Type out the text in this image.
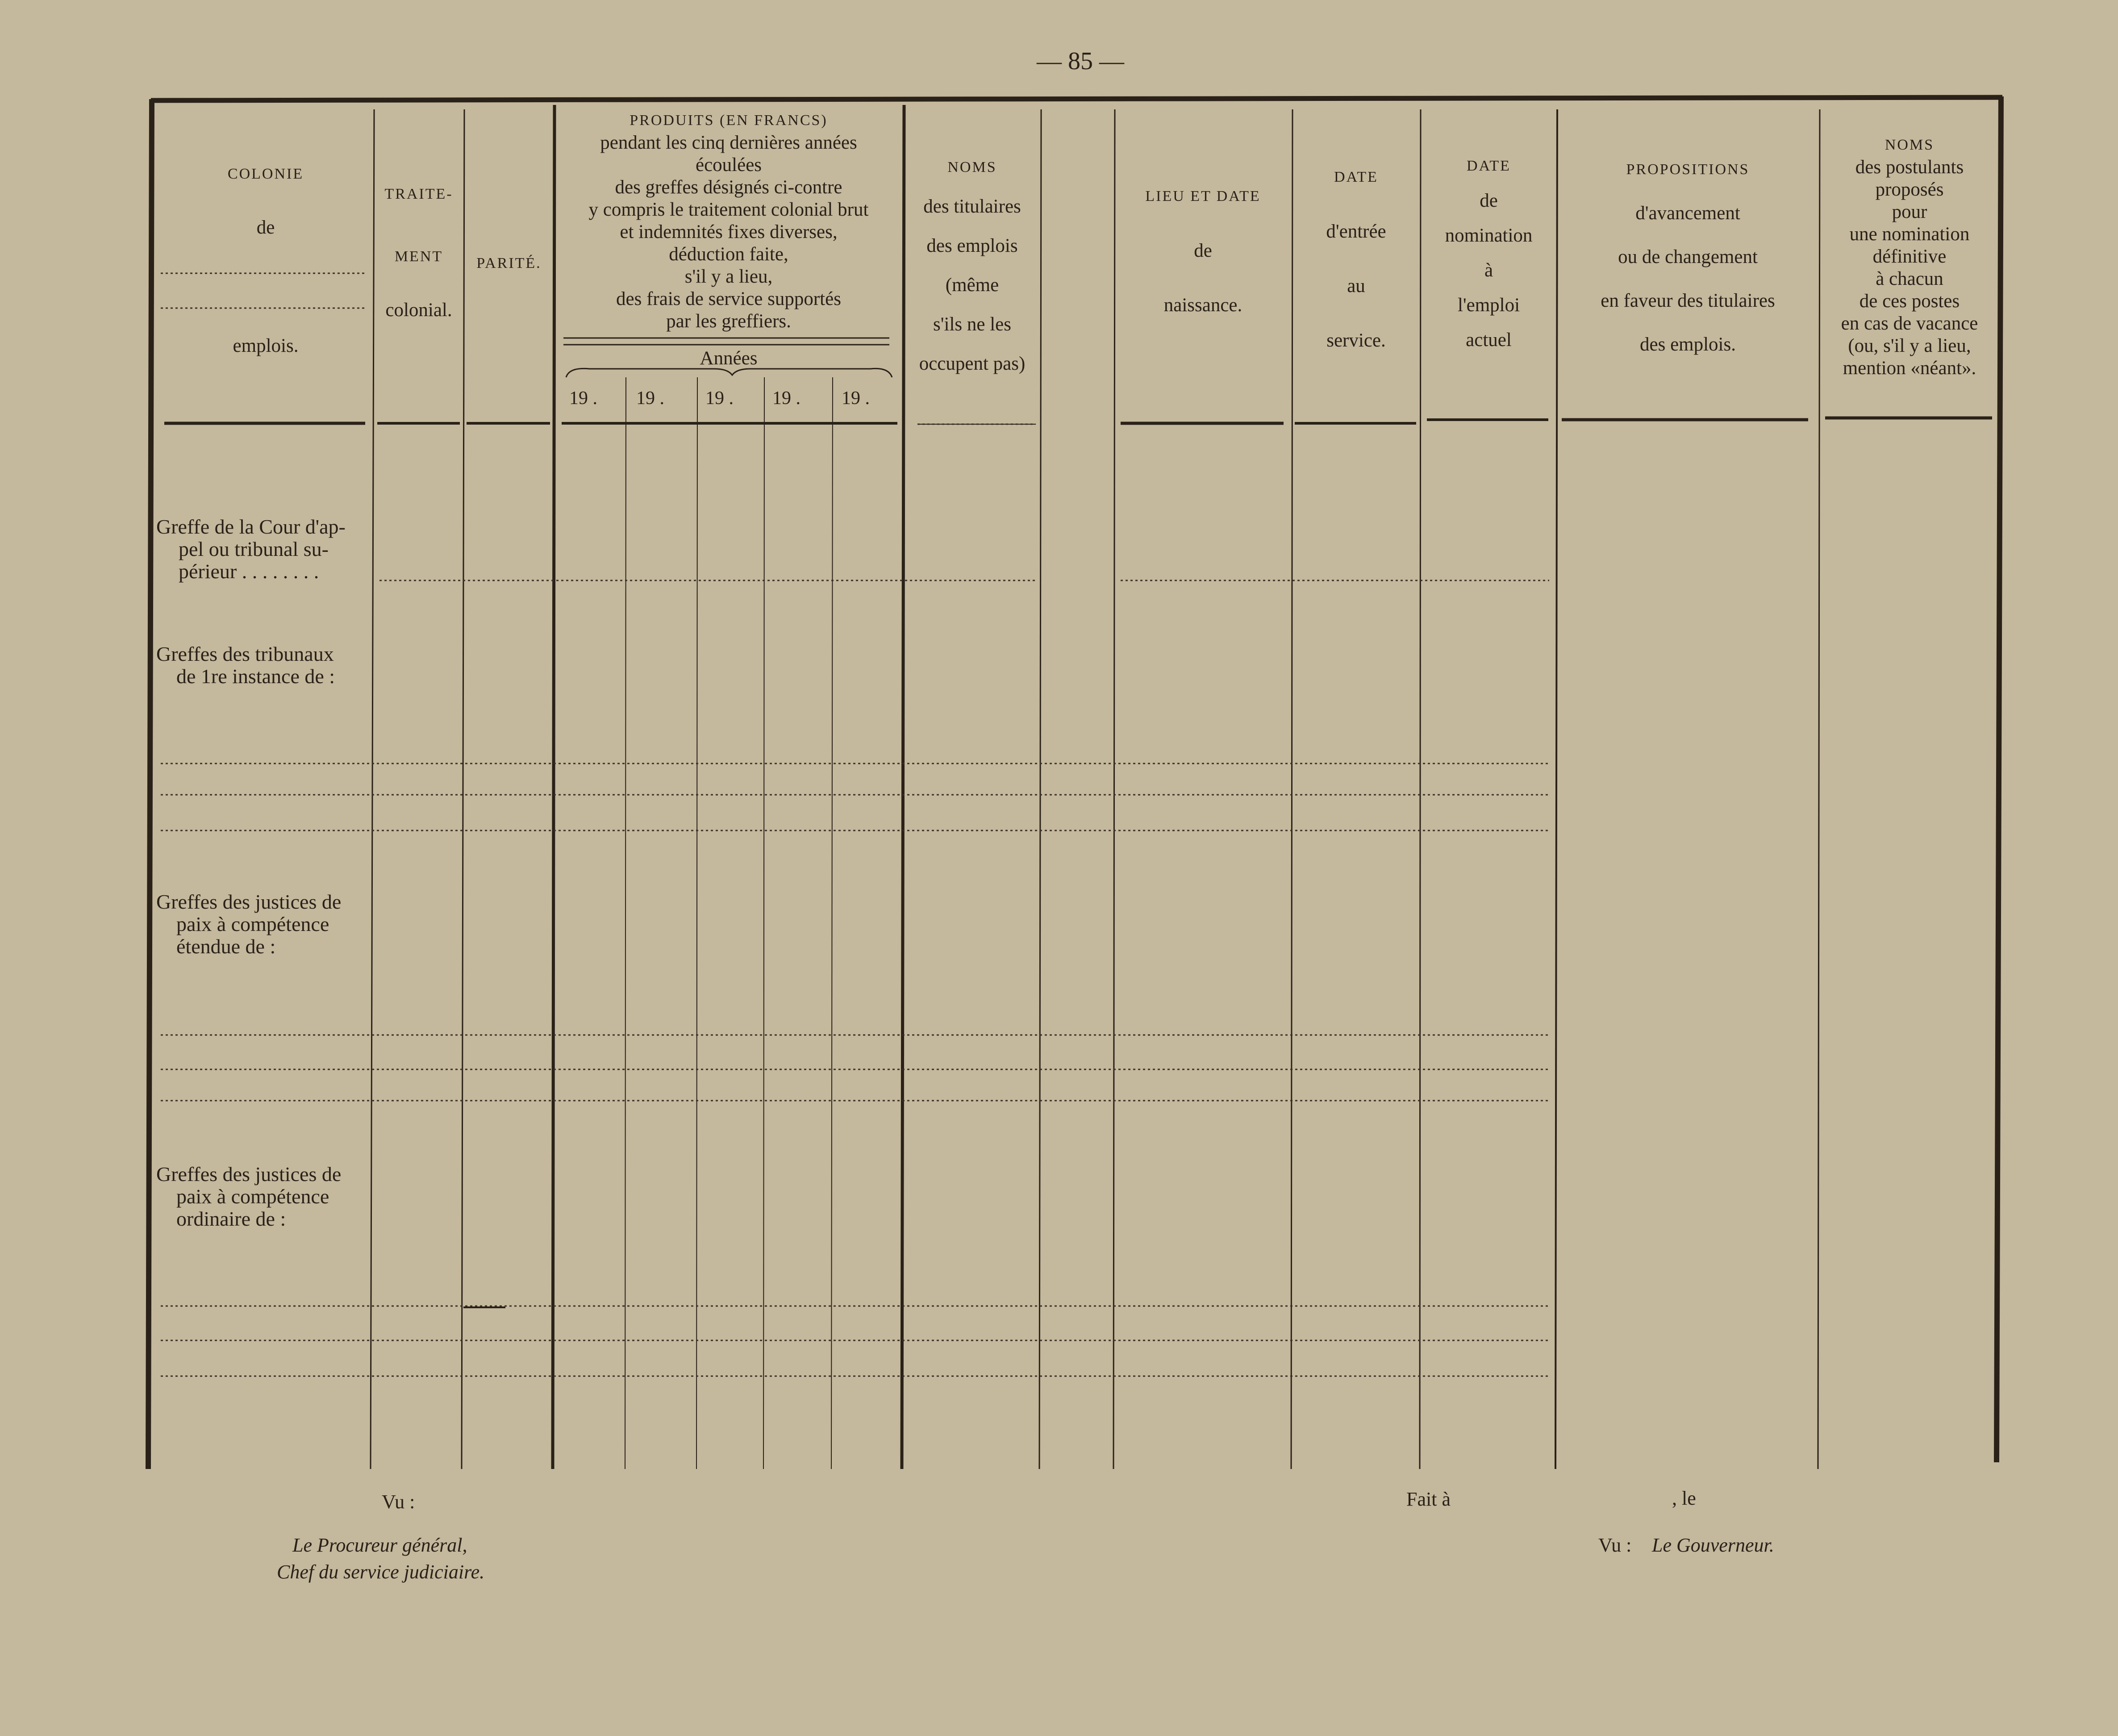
— 85 —
COLONIE
de
emplois.
TRAITE-
MENT
colonial.
PARITÉ.
PRODUITS (EN FRANCS)
pendant les cinq dernières années
écoulées
des greffes désignés ci-contre
y compris le traitement colonial brut
et indemnités fixes diverses,
déduction faite,
s'il y a lieu,
des frais de service supportés
par les greffiers.
Années
19 . 19 . 19 . 19 . 19 .
NOMS
des titulaires
des emplois
(même
s'ils ne les
occupent pas)
LIEU ET DATE
de
naissance.
DATE
d'entrée
au
service.
DATE
de
nomination
à
l'emploi
actuel
PROPOSITIONS
d'avancement
ou de changement
en faveur des titulaires
des emplois.
NOMS
des postulants
proposés
pour
une nomination
définitive
à chacun
de ces postes
en cas de vacance
(ou, s'il y a lieu,
mention «néant».
Greffe de la Cour d'ap-
pel ou tribunal su-
périeur . . . . . . . .
Greffes des tribunaux
de 1re instance de :
Greffes des justices de
paix à compétence
étendue de :
Greffes des justices de
paix à compétence
ordinaire de :
Vu :
Le Procureur général,
Chef du service judiciaire.
Fait à	, le
Vu : Le Gouverneur.
